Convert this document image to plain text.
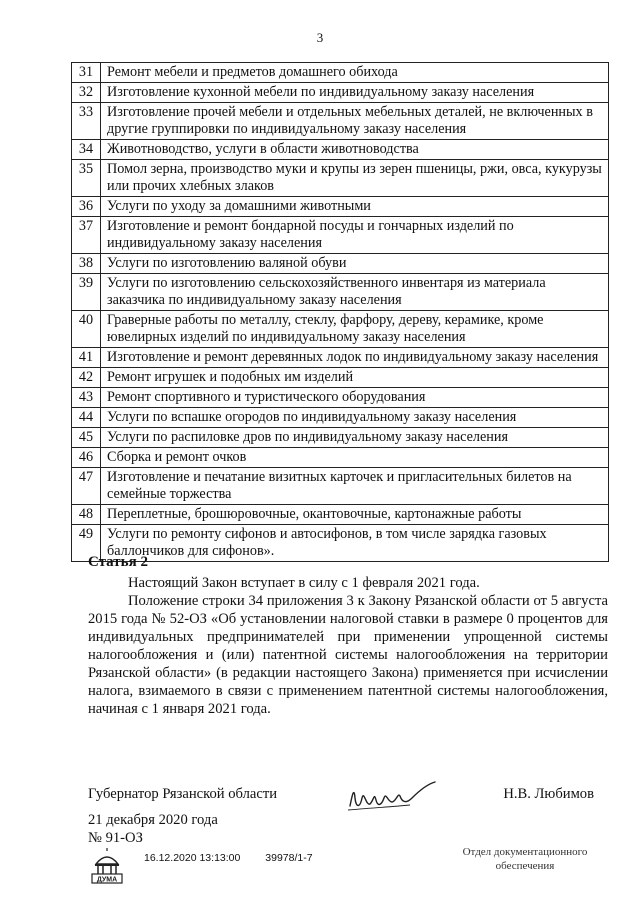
3
31	Ремонт мебели и предметов домашнего обихода
32	Изготовление кухонной мебели по индивидуальному заказу населения
33	Изготовление прочей мебели и отдельных мебельных деталей, не включенных в другие группировки по индивидуальному заказу населения
34	Животноводство, услуги в области животноводства
35	Помол зерна, производство муки и крупы из зерен пшеницы, ржи, овса, кукурузы или прочих хлебных злаков
36	Услуги по уходу за домашними животными
37	Изготовление и ремонт бондарной посуды и гончарных изделий по индивидуальному заказу населения
38	Услуги по изготовлению валяной обуви
39	Услуги по изготовлению сельскохозяйственного инвентаря из материала заказчика по индивидуальному заказу населения
40	Граверные работы по металлу, стеклу, фарфору, дереву, керамике, кроме ювелирных изделий по индивидуальному заказу населения
41	Изготовление и ремонт деревянных лодок по индивидуальному заказу населения
42	Ремонт игрушек и подобных им изделий
43	Ремонт спортивного и туристического оборудования
44	Услуги по вспашке огородов по индивидуальному заказу населения
45	Услуги по распиловке дров по индивидуальному заказу населения
46	Сборка и ремонт очков
47	Изготовление и печатание визитных карточек и пригласительных билетов на семейные торжества
48	Переплетные, брошюровочные, окантовочные, картонажные работы
49	Услуги по ремонту сифонов и автосифонов, в том числе зарядка газовых баллончиков для сифонов».

Статья 2

Настоящий Закон вступает в силу с 1 февраля 2021 года.

Положение строки 34 приложения 3 к Закону Рязанской области от 5 августа 2015 года № 52-ОЗ «Об установлении налоговой ставки в размере 0 процентов для индивидуальных предпринимателей при применении упрощенной системы налогообложения и (или) патентной системы налогообложения на территории Рязанской области» (в редакции настоящего Закона) применяется при исчислении налога, взимаемого в связи с применением патентной системы налогообложения, начиная с 1 января 2021 года.

Губернатор Рязанской области	Н.В. Любимов
21 декабря 2020 года
№ 91-ОЗ
ДУМА
16.12.2020 13:13:00 39978/1-7	Отдел документационного
обеспечения
